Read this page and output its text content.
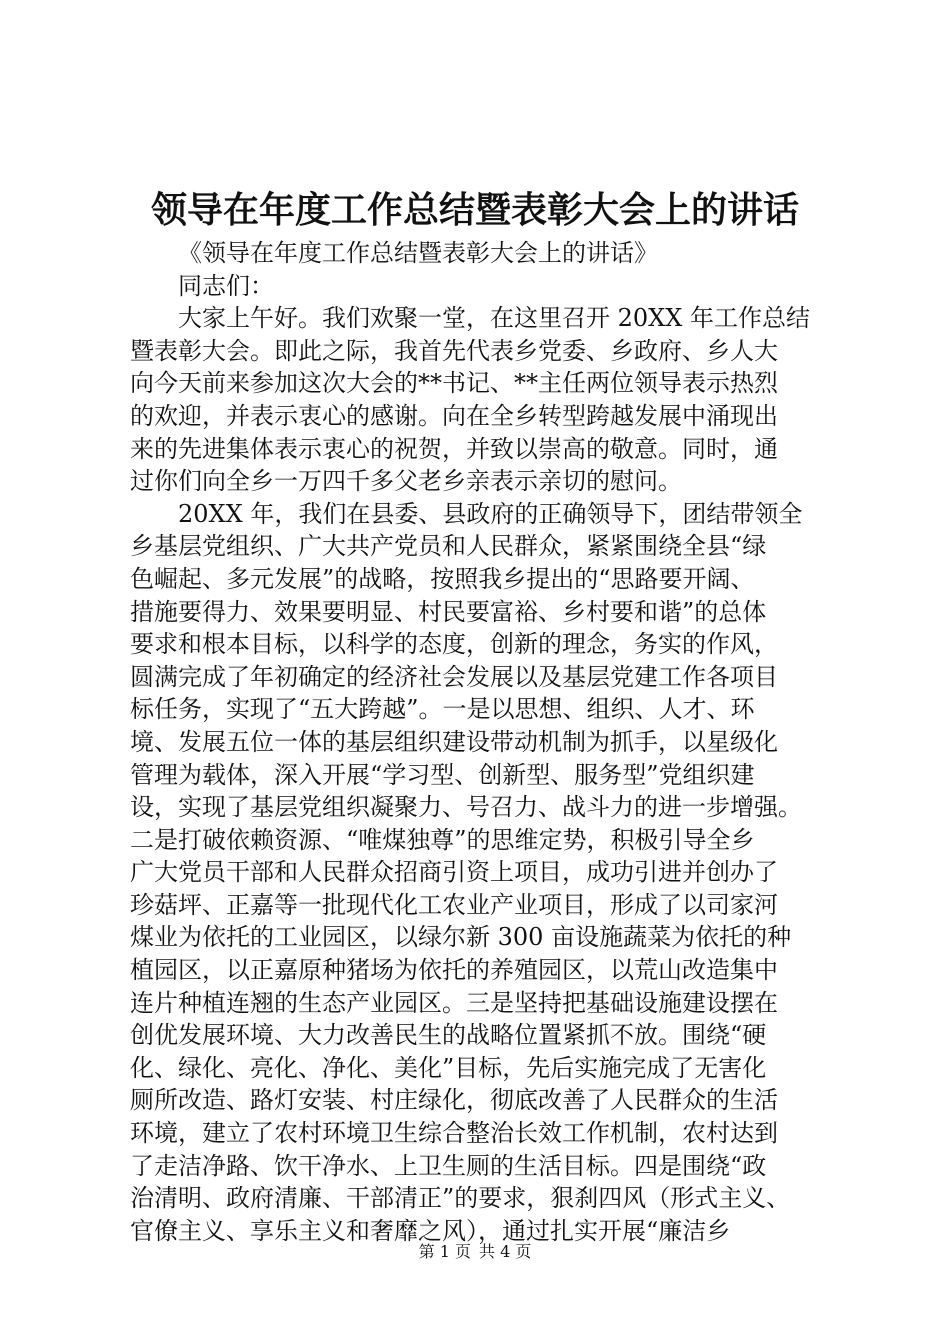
领导在年度工作总结暨表彰大会上的讲话
《领导在年度工作总结暨表彰大会上的讲话》
同志们：
大家上午好。我们欢聚一堂，在这里召开 20XX 年工作总结
暨表彰大会。即此之际，我首先代表乡党委、乡政府、乡人大
向今天前来参加这次大会的**书记、**主任两位领导表示热烈
的欢迎，并表示衷心的感谢。向在全乡转型跨越发展中涌现出
来的先进集体表示衷心的祝贺，并致以崇高的敬意。同时，通
过你们向全乡一万四千多父老乡亲表示亲切的慰问。
20XX 年，我们在县委、县政府的正确领导下，团结带领全
乡基层党组织、广大共产党员和人民群众，紧紧围绕全县“绿
色崛起、多元发展”的战略，按照我乡提出的“思路要开阔、
措施要得力、效果要明显、村民要富裕、乡村要和谐”的总体
要求和根本目标，以科学的态度，创新的理念，务实的作风，
圆满完成了年初确定的经济社会发展以及基层党建工作各项目
标任务，实现了“五大跨越”。一是以思想、组织、人才、环
境、发展五位一体的基层组织建设带动机制为抓手，以星级化
管理为载体，深入开展“学习型、创新型、服务型”党组织建
设，实现了基层党组织凝聚力、号召力、战斗力的进一步增强。
二是打破依赖资源、“唯煤独尊”的思维定势，积极引导全乡
广大党员干部和人民群众招商引资上项目，成功引进并创办了
珍菇坪、正嘉等一批现代化工农业产业项目，形成了以司家河
煤业为依托的工业园区，以绿尔新 300 亩设施蔬菜为依托的种
植园区，以正嘉原种猪场为依托的养殖园区，以荒山改造集中
连片种植连翘的生态产业园区。三是坚持把基础设施建设摆在
创优发展环境、大力改善民生的战略位置紧抓不放。围绕“硬
化、绿化、亮化、净化、美化”目标，先后实施完成了无害化
厕所改造、路灯安装、村庄绿化，彻底改善了人民群众的生活
环境，建立了农村环境卫生综合整治长效工作机制，农村达到
了走洁净路、饮干净水、上卫生厕的生活目标。四是围绕“政
治清明、政府清廉、干部清正”的要求，狠刹四风（形式主义、
官僚主义、享乐主义和奢靡之风），通过扎实开展“廉洁乡
第 1 页 共 4 页
